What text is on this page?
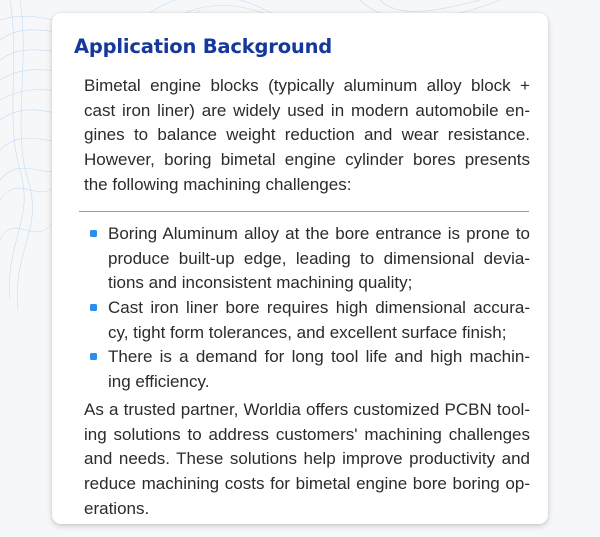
Application Background
Bimetal engine blocks (typically aluminum alloy block +
cast iron liner) are widely used in modern automobile en-
gines to balance weight reduction and wear resistance.
However, boring bimetal engine cylinder bores presents
the following machining challenges:
Boring Aluminum alloy at the bore entrance is prone to
produce built-up edge, leading to dimensional devia-
tions and inconsistent machining quality;
Cast iron liner bore requires high dimensional accura-
cy, tight form tolerances, and excellent surface finish;
There is a demand for long tool life and high machin-
ing efficiency.
As a trusted partner, Worldia offers customized PCBN tool-
ing solutions to address customers' machining challenges
and needs. These solutions help improve productivity and
reduce machining costs for bimetal engine bore boring op-
erations.
